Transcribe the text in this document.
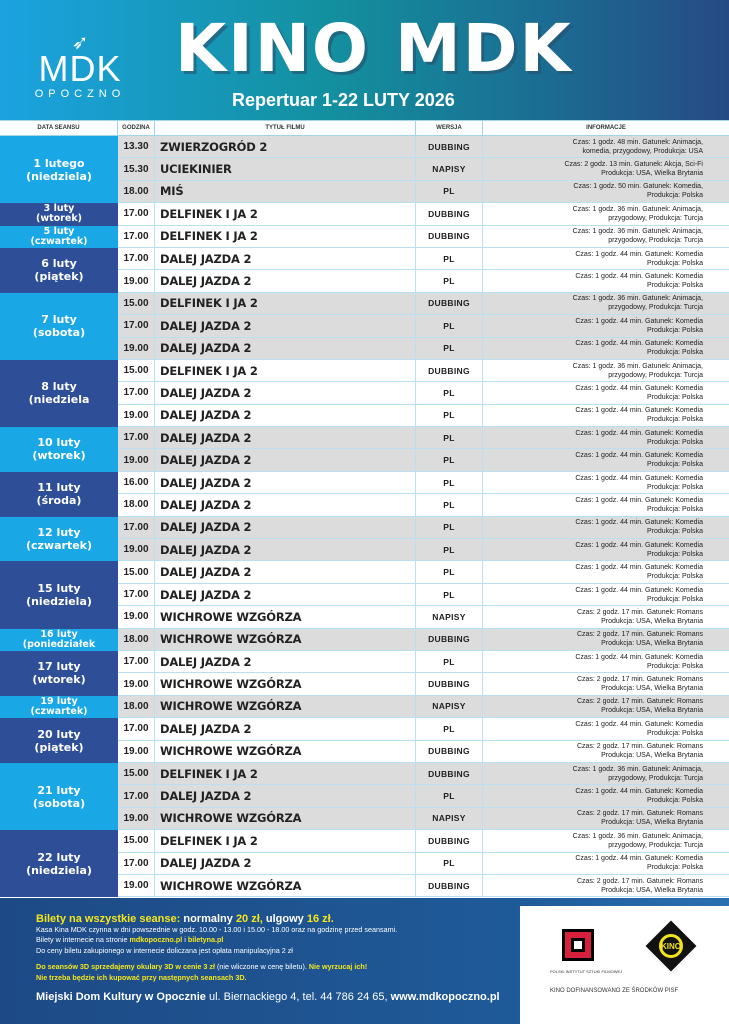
➶
MDK
OPOCZNO
KINO MDK
Repertuar 1-22 LUTY 2026
DATA SEANSU	GODZINA	TYTUŁ FILMU	WERSJA	INFORMACJE
1 lutego
(niedziela)
13.30 ZWIERZOGRÓD 2	DUBBING	Czas: 1 godz. 48 min. Gatunek: Animacja,
komedia, przygodowy, Produkcja: USA
15.30 UCIEKINIER	NAPISY	Czas: 2 godz. 13 min. Gatunek: Akcja, Sci-Fi
Produkcja: USA, Wielka Brytania
18.00 MIŚ	PL	Czas: 1 godz. 50 min. Gatunek: Komedia,
Produkcja: Polska
3 luty
(wtorek)	17.00 DELFINEK I JA 2	DUBBING	Czas: 1 godz. 36 min. Gatunek: Animacja,
przygodowy, Produkcja: Turcja
5 luty
(czwartek)	17.00 DELFINEK I JA 2	DUBBING	Czas: 1 godz. 36 min. Gatunek: Animacja,
przygodowy, Produkcja: Turcja
6 luty
(piątek)
17.00 DALEJ JAZDA 2	PL	Czas: 1 godz. 44 min. Gatunek: Komedia
Produkcja: Polska
19.00 DALEJ JAZDA 2	PL	Czas: 1 godz. 44 min. Gatunek: Komedia
Produkcja: Polska
7 luty
(sobota)
15.00 DELFINEK I JA 2	DUBBING	Czas: 1 godz. 36 min. Gatunek: Animacja,
przygodowy, Produkcja: Turcja
17.00 DALEJ JAZDA 2	PL	Czas: 1 godz. 44 min. Gatunek: Komedia
Produkcja: Polska
19.00 DALEJ JAZDA 2	PL	Czas: 1 godz. 44 min. Gatunek: Komedia
Produkcja: Polska
8 luty
(niedziela
15.00 DELFINEK I JA 2	DUBBING	Czas: 1 godz. 36 min. Gatunek: Animacja,
przygodowy, Produkcja: Turcja
17.00 DALEJ JAZDA 2	PL	Czas: 1 godz. 44 min. Gatunek: Komedia
Produkcja: Polska
19.00 DALEJ JAZDA 2	PL	Czas: 1 godz. 44 min. Gatunek: Komedia
Produkcja: Polska
10 luty
(wtorek)
17.00 DALEJ JAZDA 2	PL	Czas: 1 godz. 44 min. Gatunek: Komedia
Produkcja: Polska
19.00 DALEJ JAZDA 2	PL	Czas: 1 godz. 44 min. Gatunek: Komedia
Produkcja: Polska
11 luty
(środa)
16.00 DALEJ JAZDA 2	PL	Czas: 1 godz. 44 min. Gatunek: Komedia
Produkcja: Polska
18.00 DALEJ JAZDA 2	PL	Czas: 1 godz. 44 min. Gatunek: Komedia
Produkcja: Polska
12 luty
(czwartek)
17.00 DALEJ JAZDA 2	PL	Czas: 1 godz. 44 min. Gatunek: Komedia
Produkcja: Polska
19.00 DALEJ JAZDA 2	PL	Czas: 1 godz. 44 min. Gatunek: Komedia
Produkcja: Polska
15 luty
(niedziela)
15.00 DALEJ JAZDA 2	PL	Czas: 1 godz. 44 min. Gatunek: Komedia
Produkcja: Polska
17.00 DALEJ JAZDA 2	PL	Czas: 1 godz. 44 min. Gatunek: Komedia
Produkcja: Polska
19.00 WICHROWE WZGÓRZA	NAPISY	Czas: 2 godz. 17 min. Gatunek: Romans
Produkcja: USA, Wielka Brytania
16 luty
(poniedziałek	18.00 WICHROWE WZGÓRZA	DUBBING	Czas: 2 godz. 17 min. Gatunek: Romans
Produkcja: USA, Wielka Brytania
17 luty
(wtorek)
17.00 DALEJ JAZDA 2	PL	Czas: 1 godz. 44 min. Gatunek: Komedia
Produkcja: Polska
19.00 WICHROWE WZGÓRZA	DUBBING	Czas: 2 godz. 17 min. Gatunek: Romans
Produkcja: USA, Wielka Brytania
19 luty
(czwartek)	18.00 WICHROWE WZGÓRZA	NAPISY	Czas: 2 godz. 17 min. Gatunek: Romans
Produkcja: USA, Wielka Brytania
20 luty
(piątek)
17.00 DALEJ JAZDA 2	PL	Czas: 1 godz. 44 min. Gatunek: Komedia
Produkcja: Polska
19.00 WICHROWE WZGÓRZA	DUBBING	Czas: 2 godz. 17 min. Gatunek: Romans
Produkcja: USA, Wielka Brytania
21 luty
(sobota)
15.00 DELFINEK I JA 2	DUBBING	Czas: 1 godz. 36 min. Gatunek: Animacja,
przygodowy, Produkcja: Turcja
17.00 DALEJ JAZDA 2	PL	Czas: 1 godz. 44 min. Gatunek: Komedia
Produkcja: Polska
19.00 WICHROWE WZGÓRZA	NAPISY	Czas: 2 godz. 17 min. Gatunek: Romans
Produkcja: USA, Wielka Brytania
22 luty
(niedziela)
15.00 DELFINEK I JA 2	DUBBING	Czas: 1 godz. 36 min. Gatunek: Animacja,
przygodowy, Produkcja: Turcja
17.00 DALEJ JAZDA 2	PL	Czas: 1 godz. 44 min. Gatunek: Komedia
Produkcja: Polska
19.00 WICHROWE WZGÓRZA	DUBBING	Czas: 2 godz. 17 min. Gatunek: Romans
Produkcja: USA, Wielka Brytania
Bilety na wszystkie seanse: normalny 20 zł, ulgowy 16 zł.
Kasa Kina MDK czynna w dni powszednie w godz. 10.00 - 13.00 i 15.00 - 18.00 oraz na godzinę przed seansami.
Bilety w internecie na stronie mdkopoczno.pl i biletyna.pl
Do ceny biletu zakupionego w internecie doliczana jest opłata manipulacyjna 2 zł
Do seansów 3D sprzedajemy okulary 3D w cenie 3 zł (nie wliczone w cenę biletu). Nie wyrzucaj ich!
Nie trzeba będzie ich kupować przy następnych seansach 3D.
Miejski Dom Kultury w Opocznie ul. Biernackiego 4, tel. 44 786 24 65, www.mdkopoczno.pl
POLSKI INSTYTUT SZTUKI FILMOWEJ
KINO
KINO DOFINANSOWANO ZE ŚRODKÓW PISF
